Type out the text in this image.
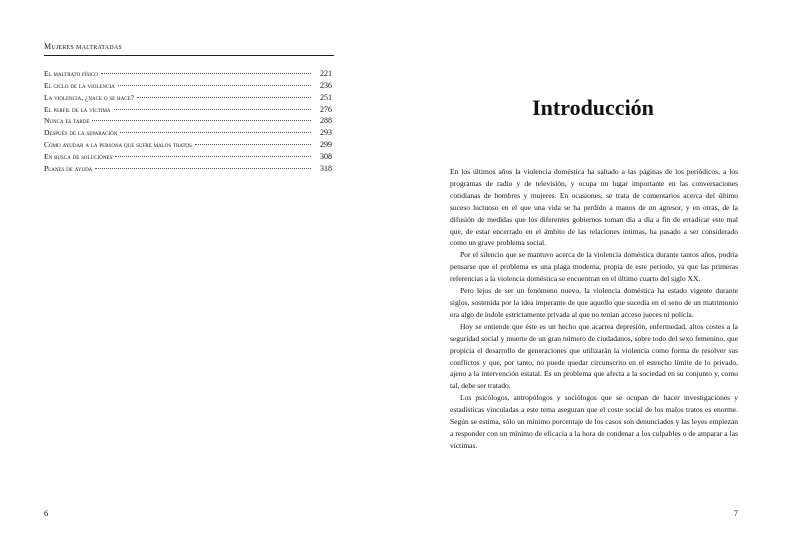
Mujeres maltratadas
El maltrato físico	221
El ciclo de la violencia	236
La violencia, ¿nace o se hace?	251
El perfil de la víctima	276
Nunca es tarde	288
Después de la separación	293
Cómo ayudar a la persona que sufre malos tratos	299
En busca de soluciones	308
Planes de ayuda	318
6
Introducción

En los últimos años la violencia doméstica ha saltado a las páginas de los periódicos, a los programas de radio y de televisión, y ocupa un lugar importante en las conversaciones cotidianas de hombres y mujeres. En ocasiones, se trata de comentarios acerca del último suceso luctuoso en el que una vida se ha perdido a manos de un agresor, y en otras, de la difusión de medidas que los diferentes gobiernos toman día a día a fin de erradicar este mal que, de estar encerrado en el ámbito de las relaciones íntimas, ha pasado a ser considerado como un grave problema social.

Por el silencio que se mantuvo acerca de la violencia doméstica durante tantos años, podría pensarse que el problema es una plaga moderna, propia de este periodo, ya que las primeras referencias a la violencia doméstica se encuentran en el último cuarto del siglo XX.

Pero lejos de ser un fenómeno nuevo, la violencia doméstica ha estado vigente durante siglos, sostenida por la idea imperante de que aquello que sucedía en el seno de un matrimonio era algo de índole estrictamente privada al que no tenían acceso jueces ni policía.

Hoy se entiende que éste es un hecho que acarrea depresión, enfermedad, altos costes a la seguridad social y muerte de un gran número de ciudadanos, sobre todo del sexo femenino, que propicia el desarrollo de generaciones que utilizarán la violencia como forma de resolver sus conflictos y que, por tanto, no puede quedar circunscrito en el estrecho límite de lo privado, ajeno a la intervención estatal. Es un problema que afecta a la sociedad en su conjunto y, como tal, debe ser tratado.

Los psicólogos, antropólogos y sociólogos que se ocupan de hacer investigaciones y estadísticas vinculadas a este tema aseguran que el coste social de los malos tratos es enorme. Según se estima, sólo un mínimo porcentaje de los casos son denunciados y las leyes empiezan a responder con un mínimo de eficacia a la hora de condenar a los culpables o de amparar a las víctimas.

7
